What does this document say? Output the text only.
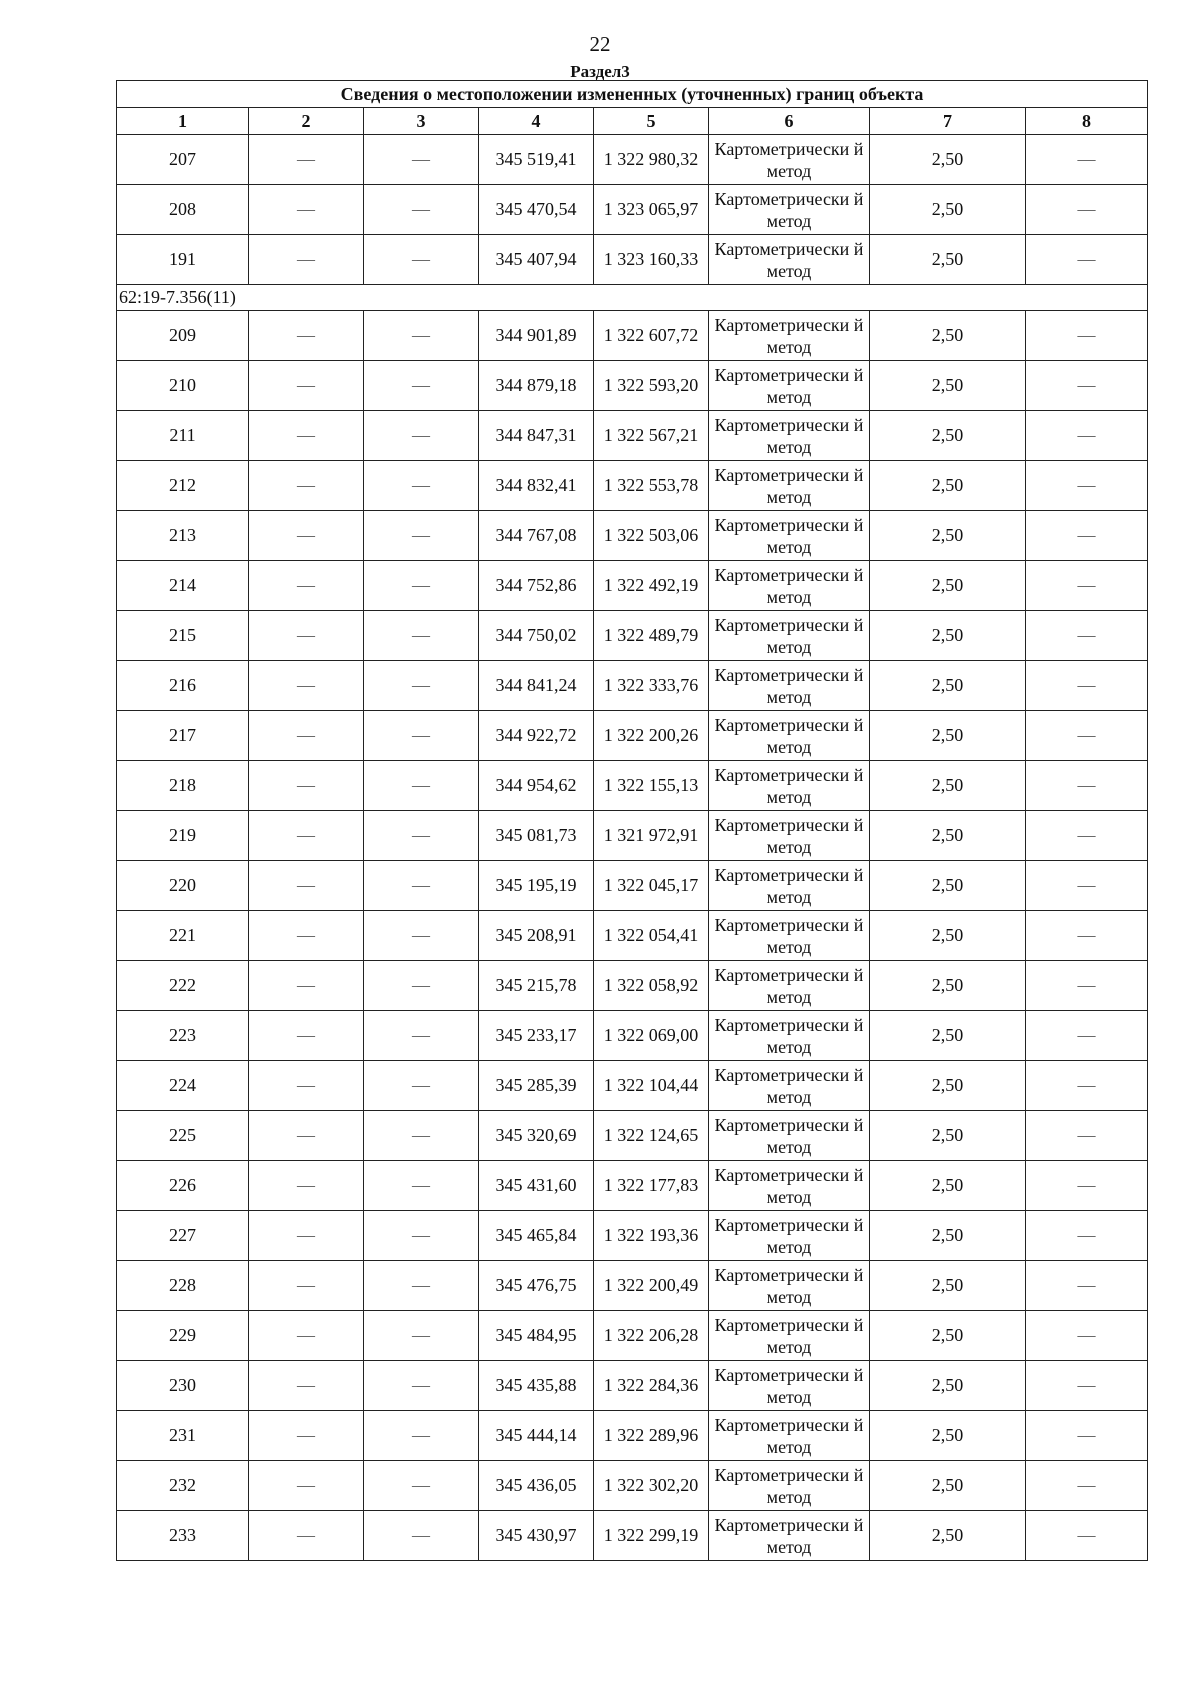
22
Раздел3
Сведения о местоположении измененных (уточненных) границ объекта							
1	2	3	4	5	6	7	8
207	—	—	345 519,41	1 322 980,32	Картометрически й метод	2,50	—
208	—	—	345 470,54	1 323 065,97	Картометрически й метод	2,50	—
191	—	—	345 407,94	1 323 160,33	Картометрически й метод	2,50	—
62:19-7.356(11)							
209	—	—	344 901,89	1 322 607,72	Картометрически й метод	2,50	—
210	—	—	344 879,18	1 322 593,20	Картометрически й метод	2,50	—
211	—	—	344 847,31	1 322 567,21	Картометрически й метод	2,50	—
212	—	—	344 832,41	1 322 553,78	Картометрически й метод	2,50	—
213	—	—	344 767,08	1 322 503,06	Картометрически й метод	2,50	—
214	—	—	344 752,86	1 322 492,19	Картометрически й метод	2,50	—
215	—	—	344 750,02	1 322 489,79	Картометрически й метод	2,50	—
216	—	—	344 841,24	1 322 333,76	Картометрически й метод	2,50	—
217	—	—	344 922,72	1 322 200,26	Картометрически й метод	2,50	—
218	—	—	344 954,62	1 322 155,13	Картометрически й метод	2,50	—
219	—	—	345 081,73	1 321 972,91	Картометрически й метод	2,50	—
220	—	—	345 195,19	1 322 045,17	Картометрически й метод	2,50	—
221	—	—	345 208,91	1 322 054,41	Картометрически й метод	2,50	—
222	—	—	345 215,78	1 322 058,92	Картометрически й метод	2,50	—
223	—	—	345 233,17	1 322 069,00	Картометрически й метод	2,50	—
224	—	—	345 285,39	1 322 104,44	Картометрически й метод	2,50	—
225	—	—	345 320,69	1 322 124,65	Картометрически й метод	2,50	—
226	—	—	345 431,60	1 322 177,83	Картометрически й метод	2,50	—
227	—	—	345 465,84	1 322 193,36	Картометрически й метод	2,50	—
228	—	—	345 476,75	1 322 200,49	Картометрически й метод	2,50	—
229	—	—	345 484,95	1 322 206,28	Картометрически й метод	2,50	—
230	—	—	345 435,88	1 322 284,36	Картометрически й метод	2,50	—
231	—	—	345 444,14	1 322 289,96	Картометрически й метод	2,50	—
232	—	—	345 436,05	1 322 302,20	Картометрически й метод	2,50	—
233	—	—	345 430,97	1 322 299,19	Картометрически й метод	2,50	—
